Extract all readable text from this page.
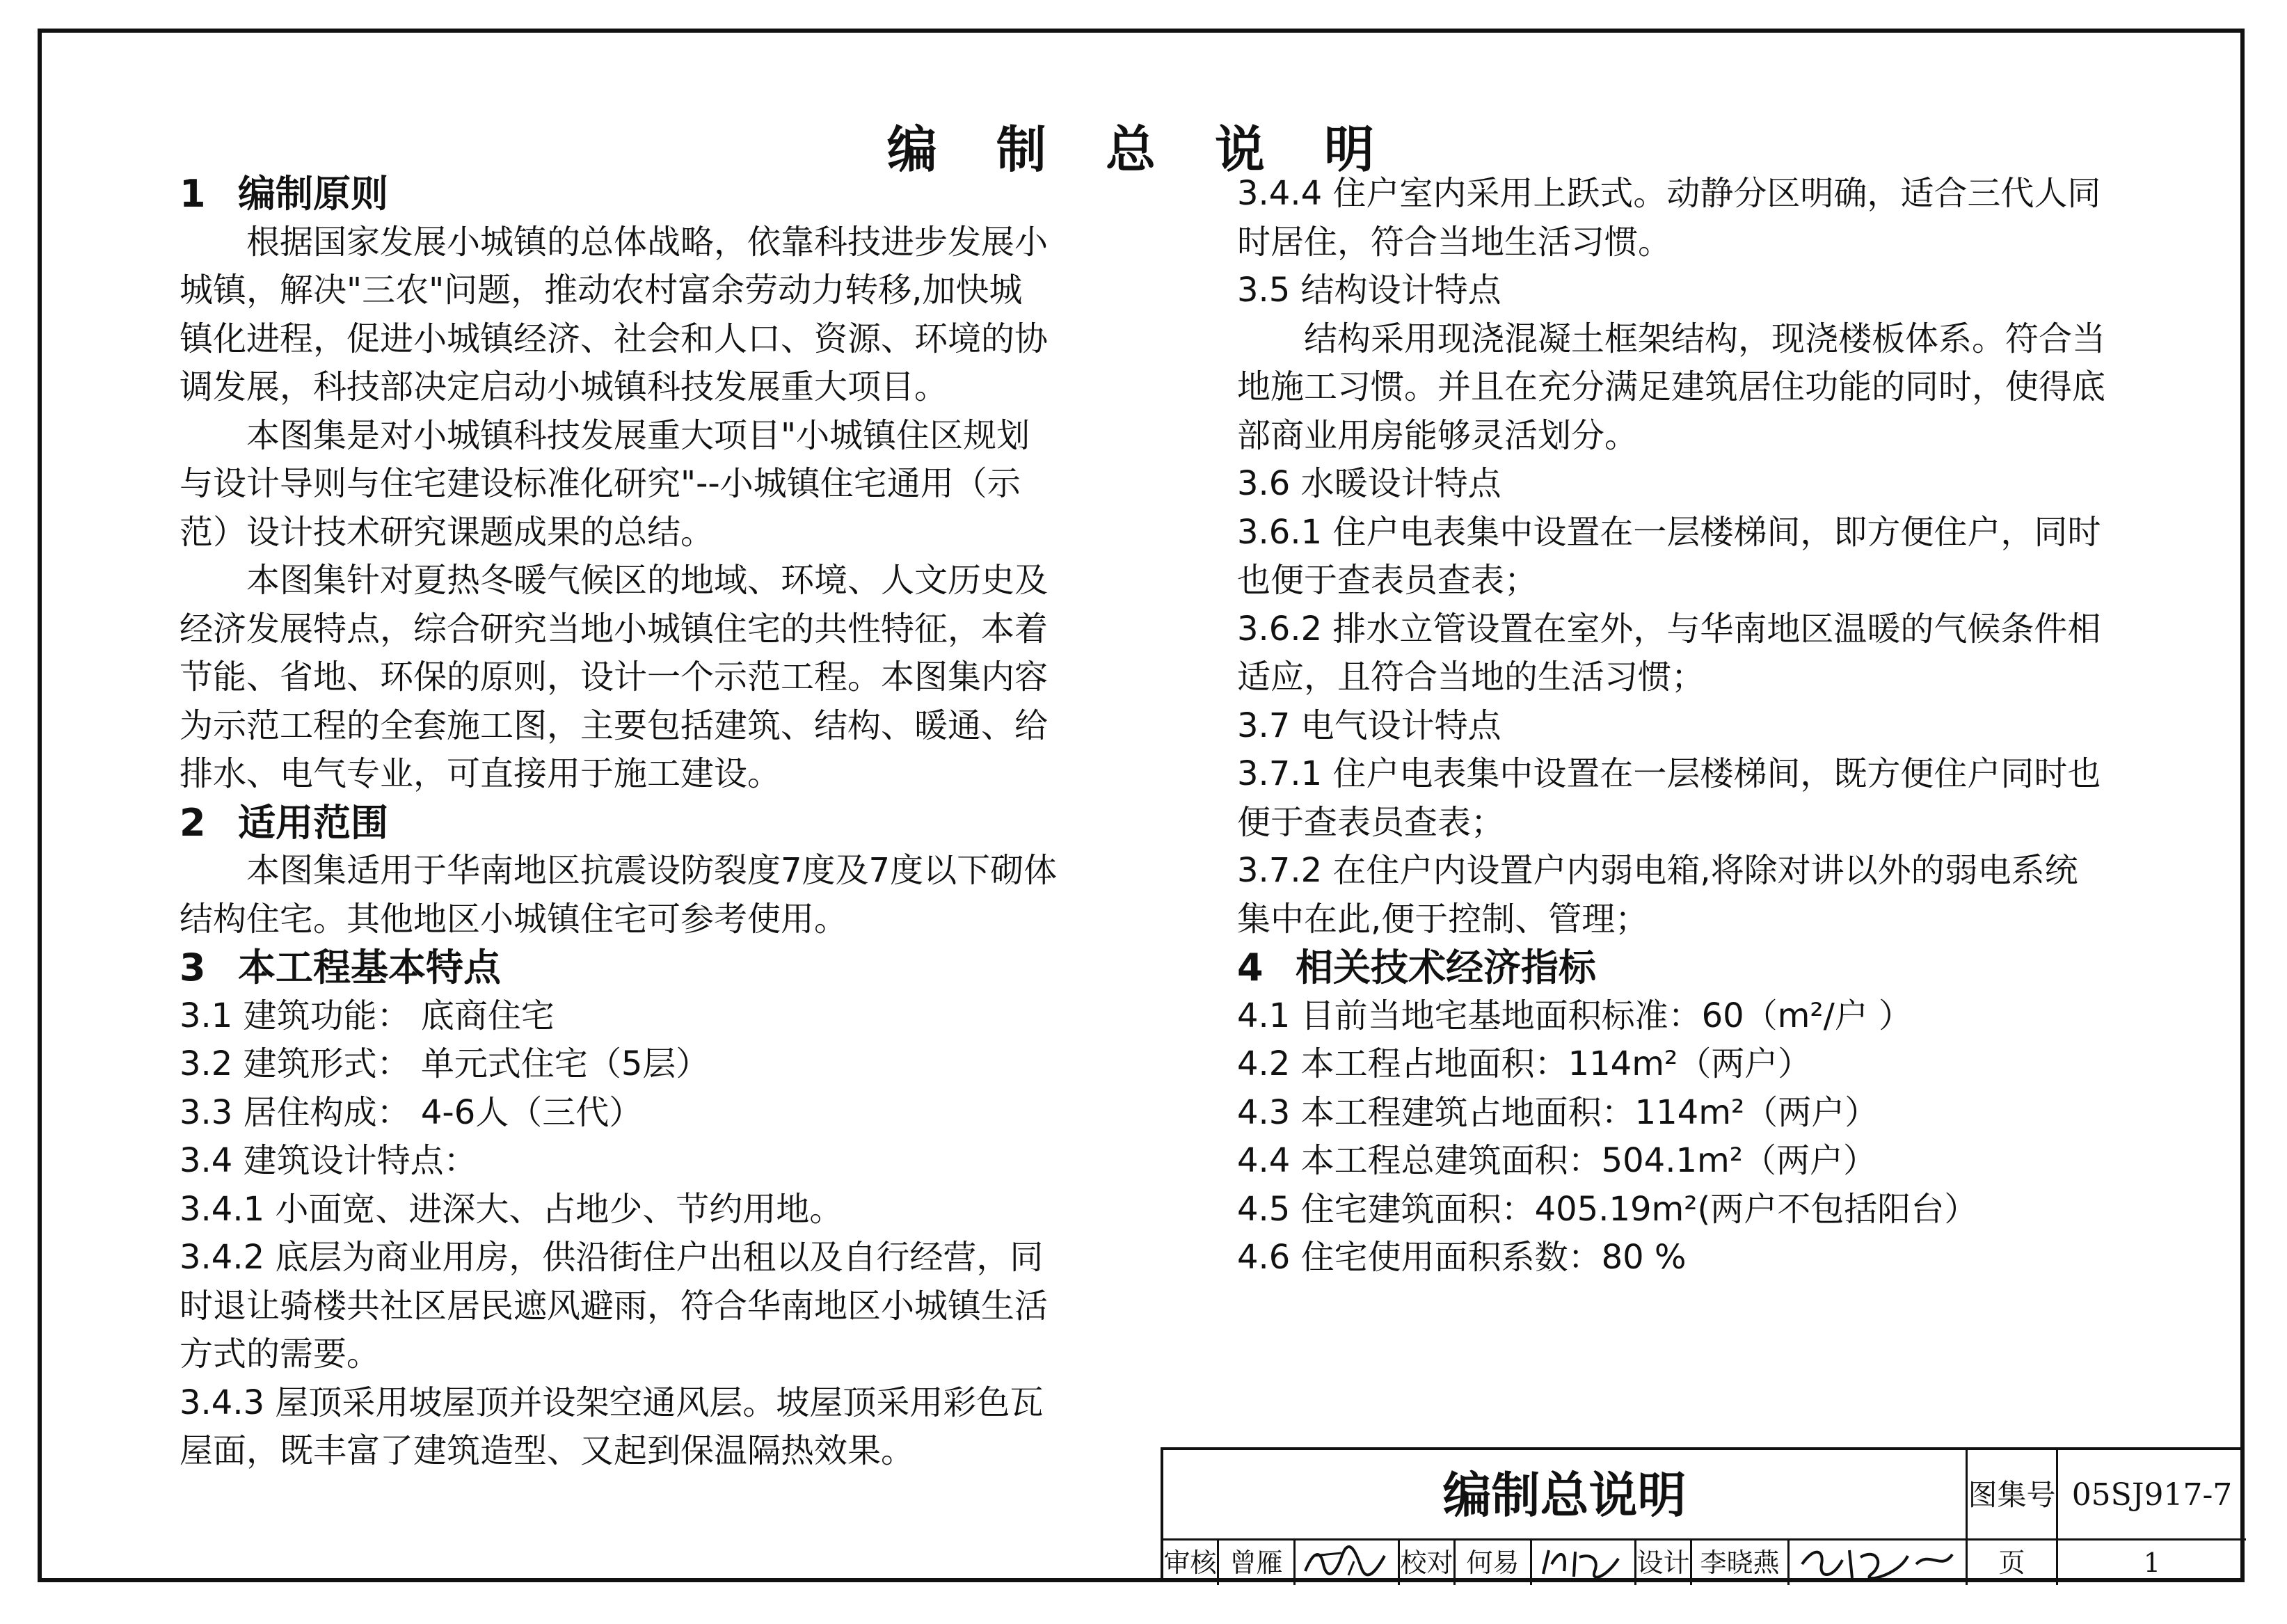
编 制 总 说 明
1 编制原则
根据国家发展小城镇的总体战略，依靠科技进步发展小
城镇，解决"三农"问题，推动农村富余劳动力转移,加快城
镇化进程，促进小城镇经济、社会和人口、资源、环境的协
调发展，科技部决定启动小城镇科技发展重大项目。
本图集是对小城镇科技发展重大项目"小城镇住区规划
与设计导则与住宅建设标准化研究"--小城镇住宅通用（示
范）设计技术研究课题成果的总结。
本图集针对夏热冬暖气候区的地域、环境、人文历史及
经济发展特点，综合研究当地小城镇住宅的共性特征，本着
节能、省地、环保的原则，设计一个示范工程。本图集内容
为示范工程的全套施工图，主要包括建筑、结构、暖通、给
排水、电气专业，可直接用于施工建设。
2 适用范围
本图集适用于华南地区抗震设防裂度7度及7度以下砌体
结构住宅。其他地区小城镇住宅可参考使用。
3 本工程基本特点
3.1 建筑功能： 底商住宅
3.2 建筑形式： 单元式住宅（5层）
3.3 居住构成： 4-6人（三代）
3.4 建筑设计特点：
3.4.1 小面宽、进深大、占地少、节约用地。
3.4.2 底层为商业用房，供沿街住户出租以及自行经营，同
时退让骑楼共社区居民遮风避雨，符合华南地区小城镇生活
方式的需要。
3.4.3 屋顶采用坡屋顶并设架空通风层。坡屋顶采用彩色瓦
屋面，既丰富了建筑造型、又起到保温隔热效果。
3.4.4 住户室内采用上跃式。动静分区明确，适合三代人同
时居住，符合当地生活习惯。
3.5 结构设计特点
结构采用现浇混凝土框架结构，现浇楼板体系。符合当
地施工习惯。并且在充分满足建筑居住功能的同时，使得底
部商业用房能够灵活划分。
3.6 水暖设计特点
3.6.1 住户电表集中设置在一层楼梯间，即方便住户，同时
也便于查表员查表；
3.6.2 排水立管设置在室外，与华南地区温暖的气候条件相
适应，且符合当地的生活习惯；
3.7 电气设计特点
3.7.1 住户电表集中设置在一层楼梯间，既方便住户同时也
便于查表员查表；
3.7.2 在住户内设置户内弱电箱,将除对讲以外的弱电系统
集中在此,便于控制、管理；
4 相关技术经济指标
4.1 目前当地宅基地面积标准：60（m²/户 ）
4.2 本工程占地面积：114m²（两户）
4.3 本工程建筑占地面积：114m²（两户）
4.4 本工程总建筑面积：504.1m²（两户）
4.5 住宅建筑面积：405.19m²(两户不包括阳台）
4.6 住宅使用面积系数：80 %
编制总说明	图集号 05SJ917-7
审核 曾雁	校对 何易	设计 李晓燕	页	1
